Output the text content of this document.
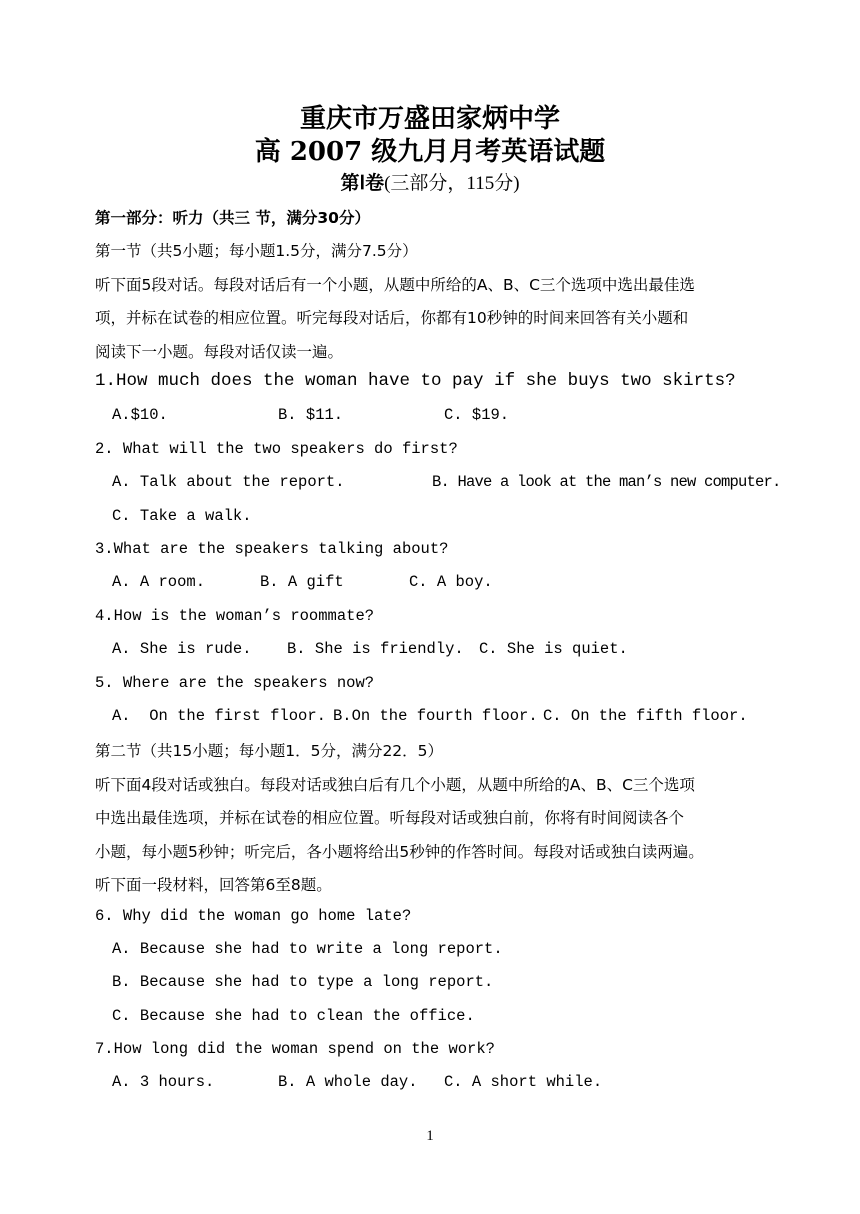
重庆市万盛田家炳中学
高 2007 级九月月考英语试题
第Ⅰ卷(三部分，115分)
第一部分：听力（共三 节，满分30分）
第一节（共5小题；每小题1.5分，满分7.5分）
听下面5段对话。每段对话后有一个小题，从题中所给的A、B、C三个选项中选出最佳选
项，并标在试卷的相应位置。听完每段对话后，你都有10秒钟的时间来回答有关小题和
阅读下一小题。每段对话仅读一遍。
1.How much does the woman have to pay if she buys two skirts?
A.$10.	B. $11.	C. $19.
2. What will the two speakers do first?
A. Talk about the report.	B. Have a look at the man’s new computer.
C. Take a walk.
3.What are the speakers talking about?
A. A room.	B. A gift	C. A boy.
4.How is the woman’s roommate?
A. She is rude. B. She is friendly. C. She is quiet.
5. Where are the speakers now?
A.  On the first floor. B.On the fourth floor. C. On the fifth floor.
第二节（共15小题；每小题1．5分，满分22．5）
听下面4段对话或独白。每段对话或独白后有几个小题，从题中所给的A、B、C三个选项
中选出最佳选项，并标在试卷的相应位置。听每段对话或独白前，你将有时间阅读各个
小题，每小题5秒钟；听完后，各小题将给出5秒钟的作答时间。每段对话或独白读两遍。
听下面一段材料，回答第6至8题。
6. Why did the woman go home late?
A. Because she had to write a long report.
B. Because she had to type a long report.
C. Because she had to clean the office.
7.How long did the woman spend on the work?
A. 3 hours.	B. A whole day. C. A short while.
1
